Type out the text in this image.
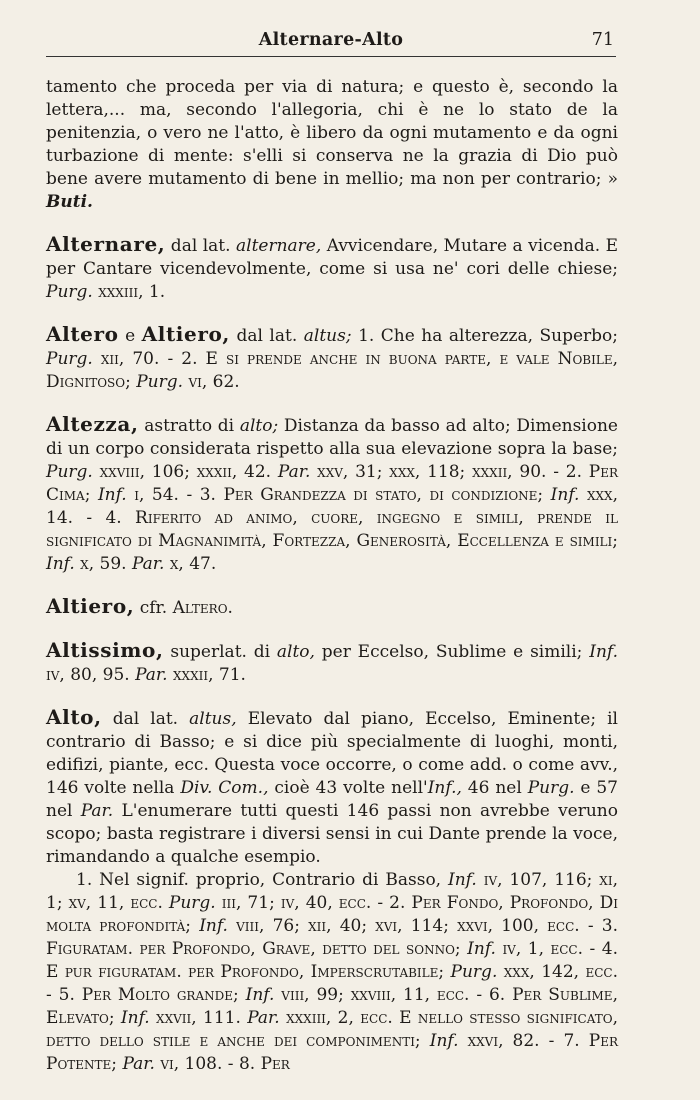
Alternare-Alto	71

tamento che proceda per via di natura; e questo è, secondo la lettera,... ma, secondo l'allegoria, chi è ne lo stato de la penitenzia, o vero ne l'atto, è libero da ogni mutamento e da ogni turbazione di mente: s'elli si conserva ne la grazia di Dio può bene avere mutamento di bene in mellio; ma non per contrario; » Buti.

Alternare, dal lat. alternare, Avvicendare, Mutare a vicenda. E per Cantare vicendevolmente, come si usa ne' cori delle chiese; Purg. xxxiii, 1.

Altero e Altiero, dal lat. altus; 1. Che ha alterezza, Superbo; Purg. xii, 70. - 2. E si prende anche in buona parte, e vale Nobile, Dignitoso; Purg. vi, 62.

Altezza, astratto di alto; Distanza da basso ad alto; Dimensione di un corpo considerata rispetto alla sua elevazione sopra la base; Purg. xxviii, 106; xxxii, 42. Par. xxv, 31; xxx, 118; xxxii, 90. - 2. Per Cima; Inf. i, 54. - 3. Per Grandezza di stato, di condizione; Inf. xxx, 14. - 4. Riferito ad animo, cuore, ingegno e simili, prende il significato di Magnanimità, Fortezza, Generosità, Eccellenza e simili; Inf. x, 59. Par. x, 47.

Altiero, cfr. Altero.

Altissimo, superlat. di alto, per Eccelso, Sublime e simili; Inf. iv, 80, 95. Par. xxxii, 71.

Alto, dal lat. altus, Elevato dal piano, Eccelso, Eminente; il contrario di Basso; e si dice più specialmente di luoghi, monti, edifizi, piante, ecc. Questa voce occorre, o come add. o come avv., 146 volte nella Div. Com., cioè 43 volte nell'Inf., 46 nel Purg. e 57 nel Par. L'enumerare tutti questi 146 passi non avrebbe veruno scopo; basta registrare i diversi sensi in cui Dante prende la voce, rimandando a qualche esempio.

1. Nel signif. proprio, Contrario di Basso, Inf. iv, 107, 116; xi, 1; xv, 11, ecc. Purg. iii, 71; iv, 40, ecc. - 2. Per Fondo, Profondo, Di molta profondità; Inf. viii, 76; xii, 40; xvi, 114; xxvi, 100, ecc. - 3. Figuratam. per Profondo, Grave, detto del sonno; Inf. iv, 1, ecc. - 4. E pur figuratam. per Profondo, Imperscrutabile; Purg. xxx, 142, ecc. - 5. Per Molto grande; Inf. viii, 99; xxviii, 11, ecc. - 6. Per Sublime, Elevato; Inf. xxvii, 111. Par. xxxiii, 2, ecc. E nello stesso significato, detto dello stile e anche dei componimenti; Inf. xxvi, 82. - 7. Per Potente; Par. vi, 108. - 8. Per
